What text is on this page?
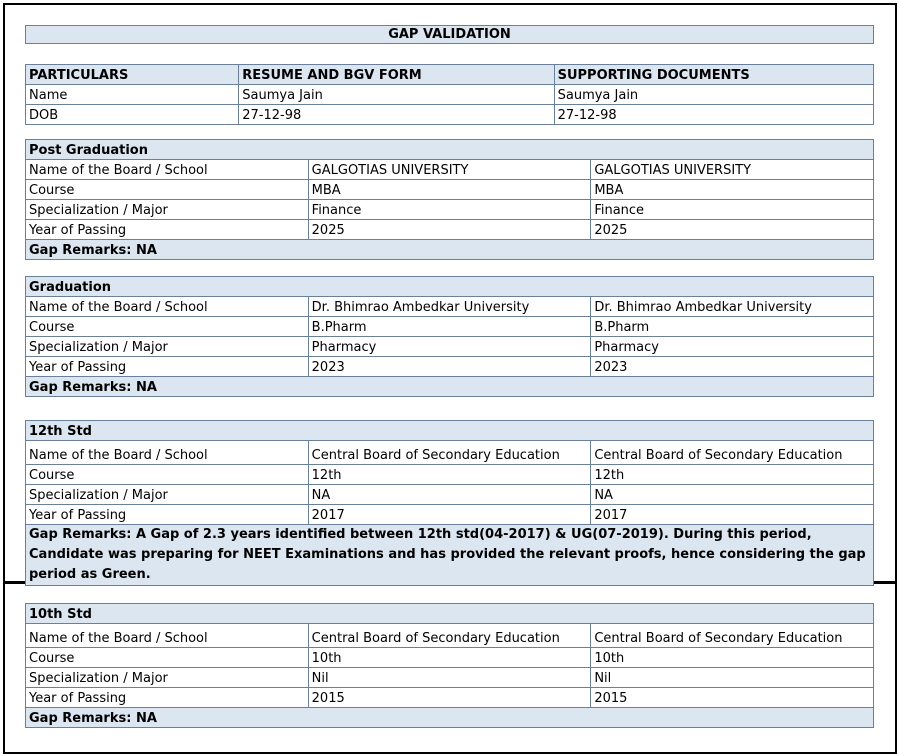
GAP VALIDATION
PARTICULARS	RESUME AND BGV FORM	SUPPORTING DOCUMENTS
Name	Saumya Jain	Saumya Jain
DOB	27-12-98	27-12-98
Post Graduation		
Name of the Board / School	GALGOTIAS UNIVERSITY	GALGOTIAS UNIVERSITY
Course	MBA	MBA
Specialization / Major	Finance	Finance
Year of Passing	2025	2025
Gap Remarks: NA		
Graduation		
Name of the Board / School	Dr. Bhimrao Ambedkar University	Dr. Bhimrao Ambedkar University
Course	B.Pharm	B.Pharm
Specialization / Major	Pharmacy	Pharmacy
Year of Passing	2023	2023
Gap Remarks: NA		
12th Std		
Name of the Board / School	Central Board of Secondary Education	Central Board of Secondary Education
Course	12th	12th
Specialization / Major	NA	NA
Year of Passing	2017	2017
Gap Remarks: A Gap of 2.3 years identified between 12th std(04-2017) & UG(07-2019). During this period, Candidate was preparing for NEET Examinations and has provided the relevant proofs, hence considering the gap period as Green.		
10th Std		
Name of the Board / School	Central Board of Secondary Education	Central Board of Secondary Education
Course	10th	10th
Specialization / Major	Nil	Nil
Year of Passing	2015	2015
Gap Remarks: NA		
